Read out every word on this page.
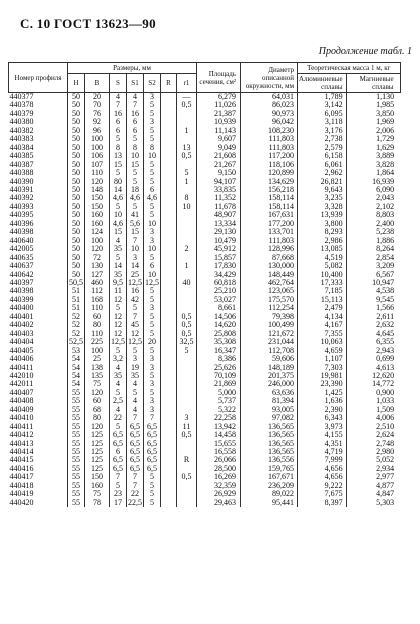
С. 10 ГОСТ 13623—90
Продолжение табл. 1
Номер профиля	Размеры, мм							Площадь сечения, см²	Диаметр описанной окружности, мм	Теоретическая масса 1 м, кг	
	H	B	S	S1	S2	R	r1			Алюминиевые сплавы	Магниевые сплавы
440377	50	20	4	4	3		—	6,279	64,031	1,789	1,130
440378	50	70	7	7	5		0,5	11,026	86,023	3,142	1,985
440379	50	76	16	16	5			21,387	90,973	6,095	3,850
440380	50	92	6	6	3			10,939	96,042	3,118	1,969
440382	50	96	6	6	5		1	11,143	108,230	3,176	2,006
440383	50	100	5	5	5			9,607	111,803	2,738	1,729
440384	50	100	8	8	8		13	9,049	111,803	2,579	1,629
440385	50	106	13	10	10		0,5	21,608	117,200	6,158	3,889
440387	50	107	15	15	5			21,267	118,106	6,061	3,828
440388	50	110	5	5	5		5	9,150	120,899	2,962	1,864
440390	50	120	80	5	5		1	94,107	134,629	26,821	16,939
440391	50	148	14	18	6			33,835	156,218	9,643	6,090
440392	50	150	4,6	4,6	4,6		8	11,352	158,114	3,235	2,043
440393	50	150	5	5	5		10	11,678	158,114	3,328	2,102
440395	50	160	10	41	5			48,907	167,631	13,939	8,803
440396	50	160	4,6	5,6	10			13,334	177,200	3,800	2,400
440398	50	124	15	15	3			29,130	133,701	8,293	5,238
440640	50	100	4	7	3			10,479	111,803	2,986	1,886
442005	50	120	35	10	10		2	45,912	128,996	13,085	8,264
440635	50	72	5	3	5			15,857	87,668	4,519	2,854
440637	50	130	14	14	6		1	17,830	130,000	5,082	3,209
440642	50	127	35	25	10			34,429	148,449	10,400	6,567
440397	50,5	460	9,5	12,5	12,5		40	60,818	462,764	17,333	10,947
440398	51	112	11	16	5			25,210	123,065	7,185	4,538
440399	51	168	12	42	5			53,027	175,570	15,113	9,545
440400	51	110	5	5	3			8,661	112,254	2,479	1,566
440401	52	60	12	7	5		0,5	14,506	79,398	4,134	2,611
440402	52	80	12	45	5		0,5	14,620	100,499	4,167	2,632
440403	52	110	12	12	5		0,5	25,808	121,672	7,355	4,645
440404	52,5	225	12,5	12,5	20		32,5	35,308	231,044	10,063	6,355
440405	53	100	5	5	5		5	16,347	112,708	4,659	2,943
440406	54	25	3,2	3	3			8,386	59,606	1,107	0,699
440411	54	138	4	19	3			25,626	148,189	7,303	4,613
442010	54	135	35	35	5			70,109	201,375	19,981	12,620
442011	54	75	4	4	3			21,869	246,000	23,390	14,772
440407	55	120	5	5	5			5,000	63,636	1,425	0,900
440408	55	60	2,5	4	3			5,737	81,394	1,636	1,033
440409	55	68	4	4	3			5,322	93,005	2,390	1,509
440410	55	80	22	7	7		3	22,258	97,082	6,343	4,006
440411	55	120	5	6,5	6,5		11	13,942	136,565	3,973	2,510
440412	55	125	6,5	6,5	6,5		0,5	14,458	136,565	4,155	2,624
440413	55	125	6,5	6,5	6,5			15,655	136,565	4,351	2,748
440414	55	125	6	6,5	6,5			16,558	136,565	4,719	2,980
440415	55	125	6,5	6,5	6,5		R	26,066	136,556	7,999	5,052
440416	55	125	6,5	6,5	6,5			28,500	159,765	4,656	2,934
440417	55	150	7	7	5		0,5	16,269	167,671	4,656	2,977
440418	55	160	5	7	5			32,359	236,209	9,222	4,877
440419	55	75	23	22	5			26,929	89,022	7,675	4,847
440420	55	78	17	22,5	5			29,463	95,441	8,397	5,303
